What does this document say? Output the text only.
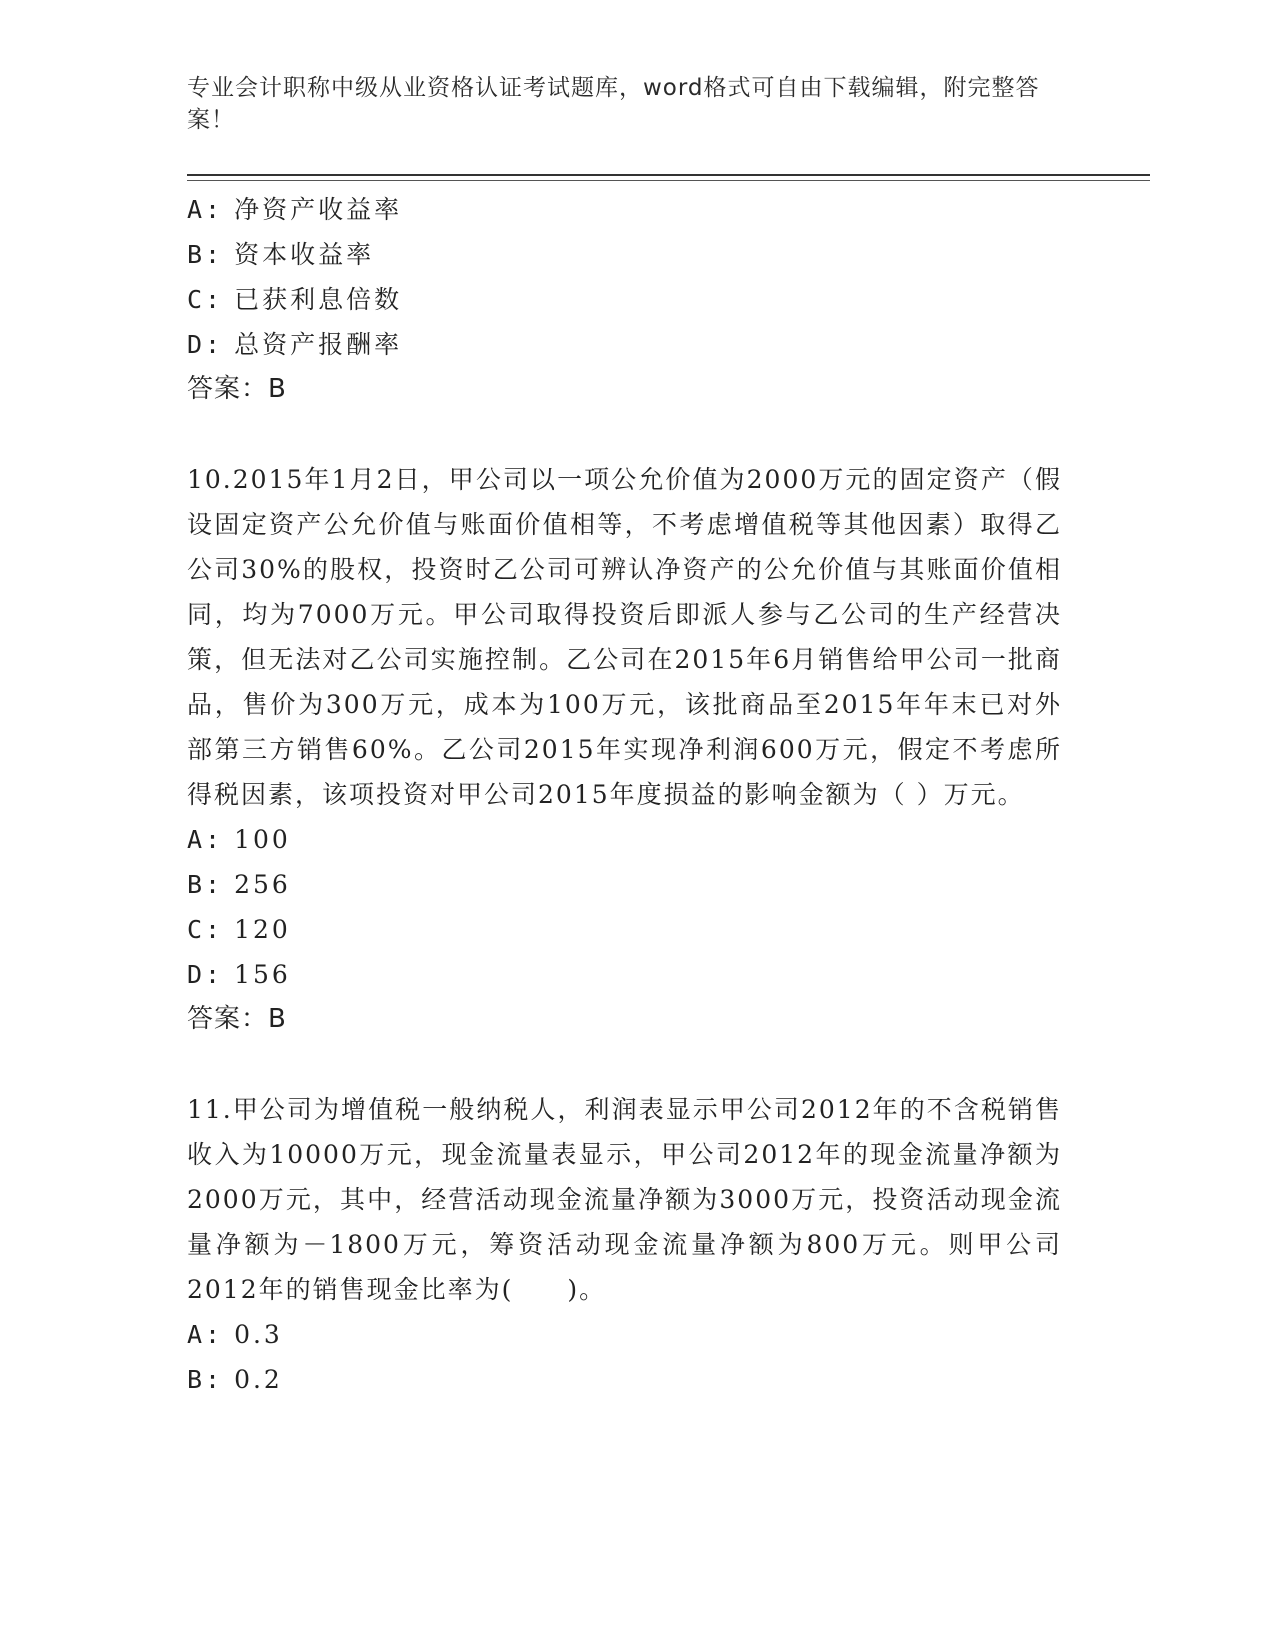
专业会计职称中级从业资格认证考试题库，word格式可自由下载编辑，附完整答案！
A: 净资产收益率
B: 资本收益率
C: 已获利息倍数
D: 总资产报酬率
答案：B
10.2015年1月2日，甲公司以一项公允价值为2000万元的固定资产（假设固定资产公允价值与账面价值相等，不考虑增值税等其他因素）取得乙公司30%的股权，投资时乙公司可辨认净资产的公允价值与其账面价值相同，均为7000万元。甲公司取得投资后即派人参与乙公司的生产经营决策，但无法对乙公司实施控制。乙公司在2015年6月销售给甲公司一批商品，售价为300万元，成本为100万元，该批商品至2015年年末已对外部第三方销售60%。乙公司2015年实现净利润600万元，假定不考虑所得税因素，该项投资对甲公司2015年度损益的影响金额为（ ）万元。
A: 100
B: 256
C: 120
D: 156
答案：B
11.甲公司为增值税一般纳税人，利润表显示甲公司2012年的不含税销售收入为10000万元，现金流量表显示，甲公司2012年的现金流量净额为2000万元，其中，经营活动现金流量净额为3000万元，投资活动现金流量净额为－1800万元，筹资活动现金流量净额为800万元。则甲公司2012年的销售现金比率为(　　)。
A: 0.3
B: 0.2
